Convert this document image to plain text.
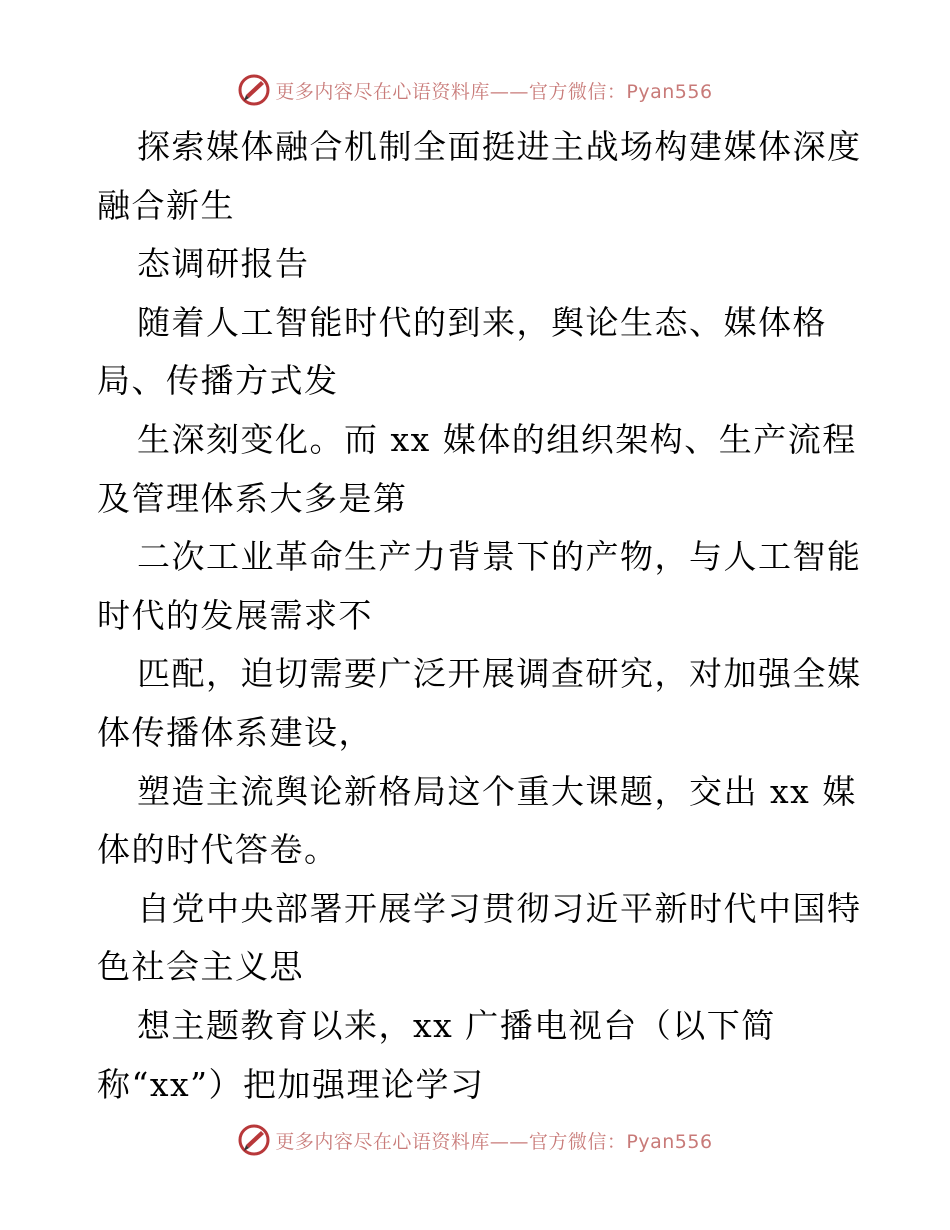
更多内容尽在心语资料库——官方微信：Pyan556
探索媒体融合机制全面挺进主战场构建媒体深度
融合新生
态调研报告
随着人工智能时代的到来，舆论生态、媒体格
局、传播方式发
生深刻变化。而 xx 媒体的组织架构、生产流程
及管理体系大多是第
二次工业革命生产力背景下的产物，与人工智能
时代的发展需求不
匹配，迫切需要广泛开展调查研究，对加强全媒
体传播体系建设，
塑造主流舆论新格局这个重大课题，交出 xx 媒
体的时代答卷。
自党中央部署开展学习贯彻习近平新时代中国特
色社会主义思
想主题教育以来，xx 广播电视台（以下简
称“xx”）把加强理论学习
更多内容尽在心语资料库——官方微信：Pyan556
